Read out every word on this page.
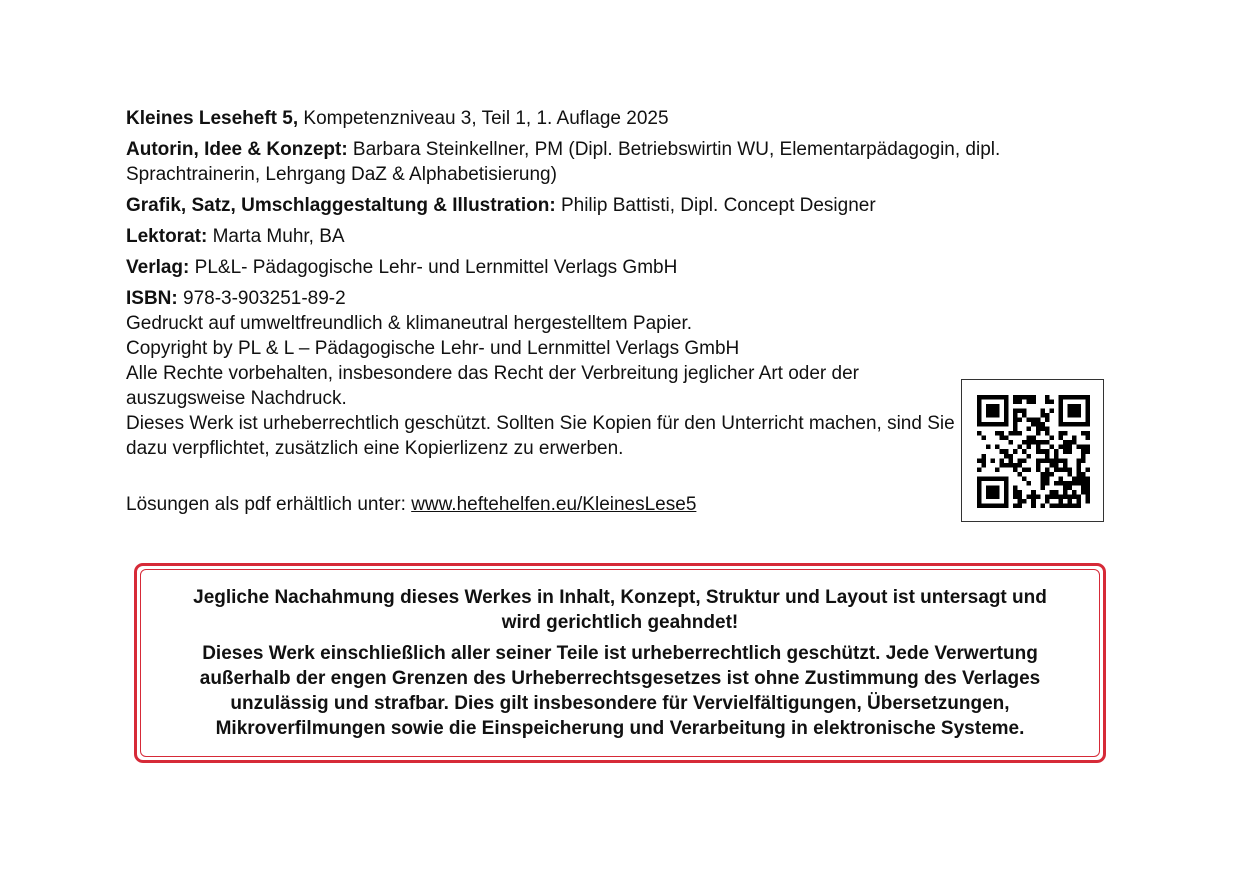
Kleines Leseheft 5, Kompetenzniveau 3, Teil 1, 1. Auflage 2025
Autorin, Idee & Konzept: Barbara Steinkellner, PM (Dipl. Betriebswirtin WU, Elementarpädagogin, dipl. Sprachtrainerin, Lehrgang DaZ & Alphabetisierung)
Grafik, Satz, Umschlaggestaltung & Illustration: Philip Battisti, Dipl. Concept Designer
Lektorat: Marta Muhr, BA
Verlag: PL&L- Pädagogische Lehr- und Lernmittel Verlags GmbH
ISBN: 978-3-903251-89-2

Gedruckt auf umweltfreundlich & klimaneutral hergestelltem Papier.

Copyright by PL & L – Pädagogische Lehr- und Lernmittel Verlags GmbH

Alle Rechte vorbehalten, insbesondere das Recht der Verbreitung jeglicher Art oder der auszugsweise Nachdruck.

Dieses Werk ist urheberrechtlich geschützt. Sollten Sie Kopien für den Unterricht machen, sind Sie dazu verpflichtet, zusätzlich eine Kopierlizenz zu erwerben.

Lösungen als pdf erhältlich unter: www.heftehelfen.eu/KleinesLese5

Jegliche Nachahmung dieses Werkes in Inhalt, Konzept, Struktur und Layout ist untersagt und wird gerichtlich geahndet!

Dieses Werk einschließlich aller seiner Teile ist urheberrechtlich geschützt. Jede Verwertung außerhalb der engen Grenzen des Urheberrechtsgesetzes ist ohne Zustimmung des Verlages unzulässig und strafbar. Dies gilt insbesondere für Vervielfältigungen, Übersetzungen, Mikroverfilmungen sowie die Einspeicherung und Verarbeitung in elektronische Systeme.
